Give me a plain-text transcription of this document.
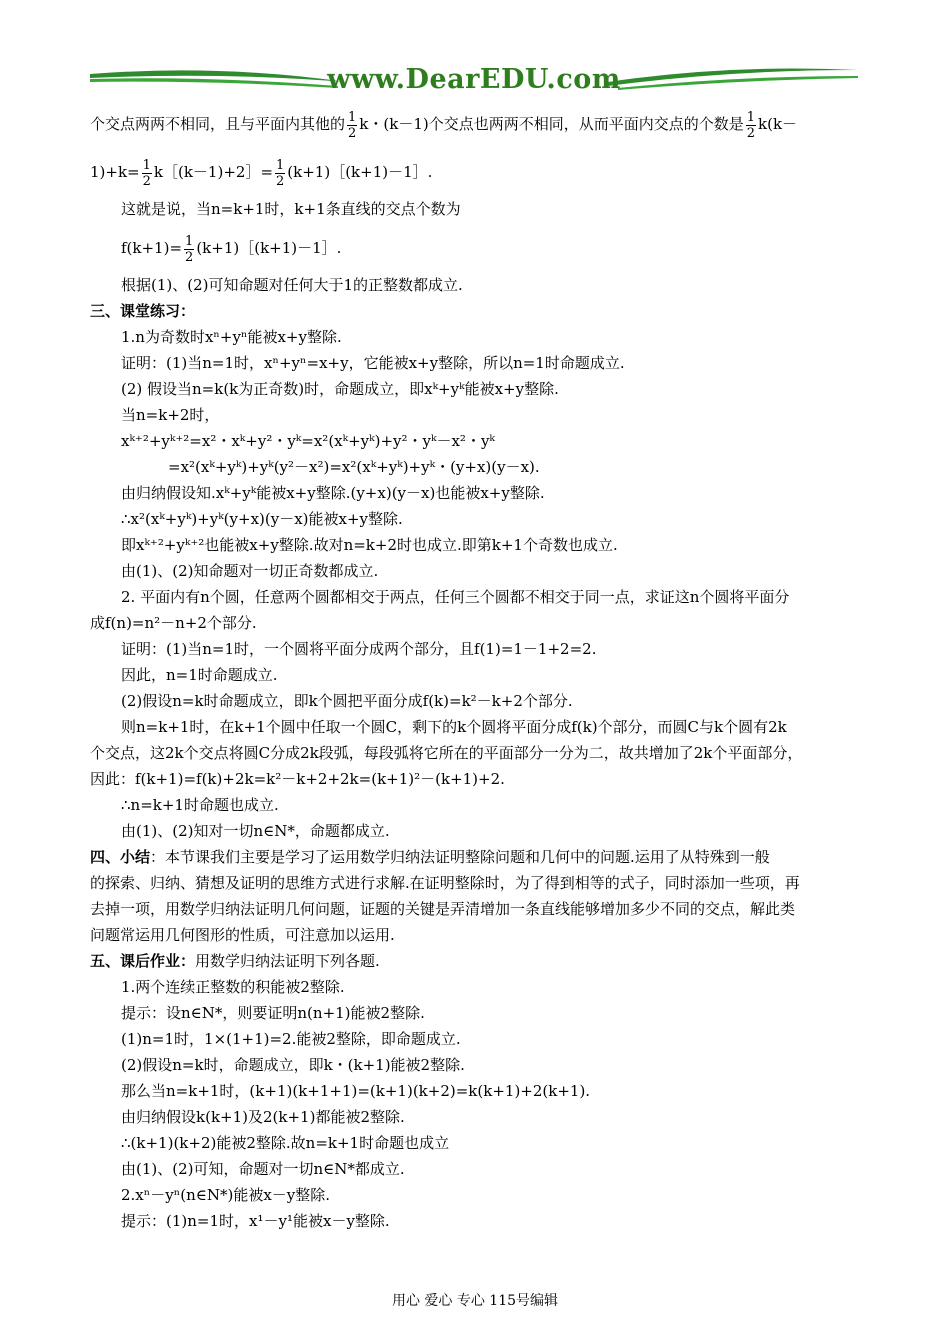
www.DearEDU.com
个交点两两不相同，且与平面内其他的 $\frac{1}{2}$ k・(k－1)个交点也两两不相同，从而平面内交点的个数是 $\frac{1}{2} k(k-$
$1)+k= \frac{1}{2}$ k［(k－1)+2］= $\frac{1}{2}$ (k+1)［(k+1)－1］.
这就是说，当n=k+1时，k+1条直线的交点个数为
$f(k+1)= \frac{1}{2}$ (k+1)［(k+1)－1］.
根据(1)、(2)可知命题对任何大于1的正整数都成立.
三、课堂练习：
1.n为奇数时xⁿ+yⁿ能被x+y整除.
证明：(1)当n=1时，xⁿ+yⁿ=x+y，它能被x+y整除，所以n=1时命题成立.
(2) 假设当n=k(k为正奇数)时，命题成立，即xᵏ+yᵏ能被x+y整除.
当n=k+2时，
xᵏ⁺²+yᵏ⁺²=x²・xᵏ+y²・yᵏ=x²(xᵏ+yᵏ)+y²・yᵏ－x²・yᵏ
=x²(xᵏ+yᵏ)+yᵏ(y²－x²)=x²(xᵏ+yᵏ)+yᵏ・(y+x)(y－x).
由归纳假设知.xᵏ+yᵏ能被x+y整除.(y+x)(y－x)也能被x+y整除.
∴x²(xᵏ+yᵏ)+yᵏ(y+x)(y－x)能被x+y整除.
即xᵏ⁺²+yᵏ⁺²也能被x+y整除.故对n=k+2时也成立.即第k+1个奇数也成立.
由(1)、(2)知命题对一切正奇数都成立.
2. 平面内有n个圆，任意两个圆都相交于两点，任何三个圆都不相交于同一点，求证这n个圆将平面分
成f(n)=n²－n+2个部分.
证明：(1)当n=1时，一个圆将平面分成两个部分，且f(1)=1－1+2=2.
因此，n=1时命题成立.
(2)假设n=k时命题成立，即k个圆把平面分成f(k)=k²－k+2个部分.
则n=k+1时，在k+1个圆中任取一个圆C，剩下的k个圆将平面分成f(k)个部分，而圆C与k个圆有2k
个交点，这2k个交点将圆C分成2k段弧，每段弧将它所在的平面部分一分为二，故共增加了2k个平面部分，
因此：f(k+1)=f(k)+2k=k²－k+2+2k=(k+1)²－(k+1)+2.
∴n=k+1时命题也成立.
由(1)、(2)知对一切n∈N*，命题都成立.
四、小结：本节课我们主要是学习了运用数学归纳法证明整除问题和几何中的问题.运用了从特殊到一般
的探索、归纳、猜想及证明的思维方式进行求解.在证明整除时，为了得到相等的式子，同时添加一些项，再
去掉一项，用数学归纳法证明几何问题，证题的关键是弄清增加一条直线能够增加多少不同的交点，解此类
问题常运用几何图形的性质，可注意加以运用.
五、课后作业：用数学归纳法证明下列各题.
1.两个连续正整数的积能被2整除.
提示：设n∈N*，则要证明n(n+1)能被2整除.
(1)n=1时，1×(1+1)=2.能被2整除，即命题成立.
(2)假设n=k时，命题成立，即k・(k+1)能被2整除.
那么当n=k+1时，(k+1)(k+1+1)=(k+1)(k+2)=k(k+1)+2(k+1).
由归纳假设k(k+1)及2(k+1)都能被2整除.
∴(k+1)(k+2)能被2整除.故n=k+1时命题也成立
由(1)、(2)可知，命题对一切n∈N*都成立.
2.xⁿ－yⁿ(n∈N*)能被x－y整除.
提示：(1)n=1时，x¹－y¹能被x－y整除.
用心 爱心 专心 115号编辑
